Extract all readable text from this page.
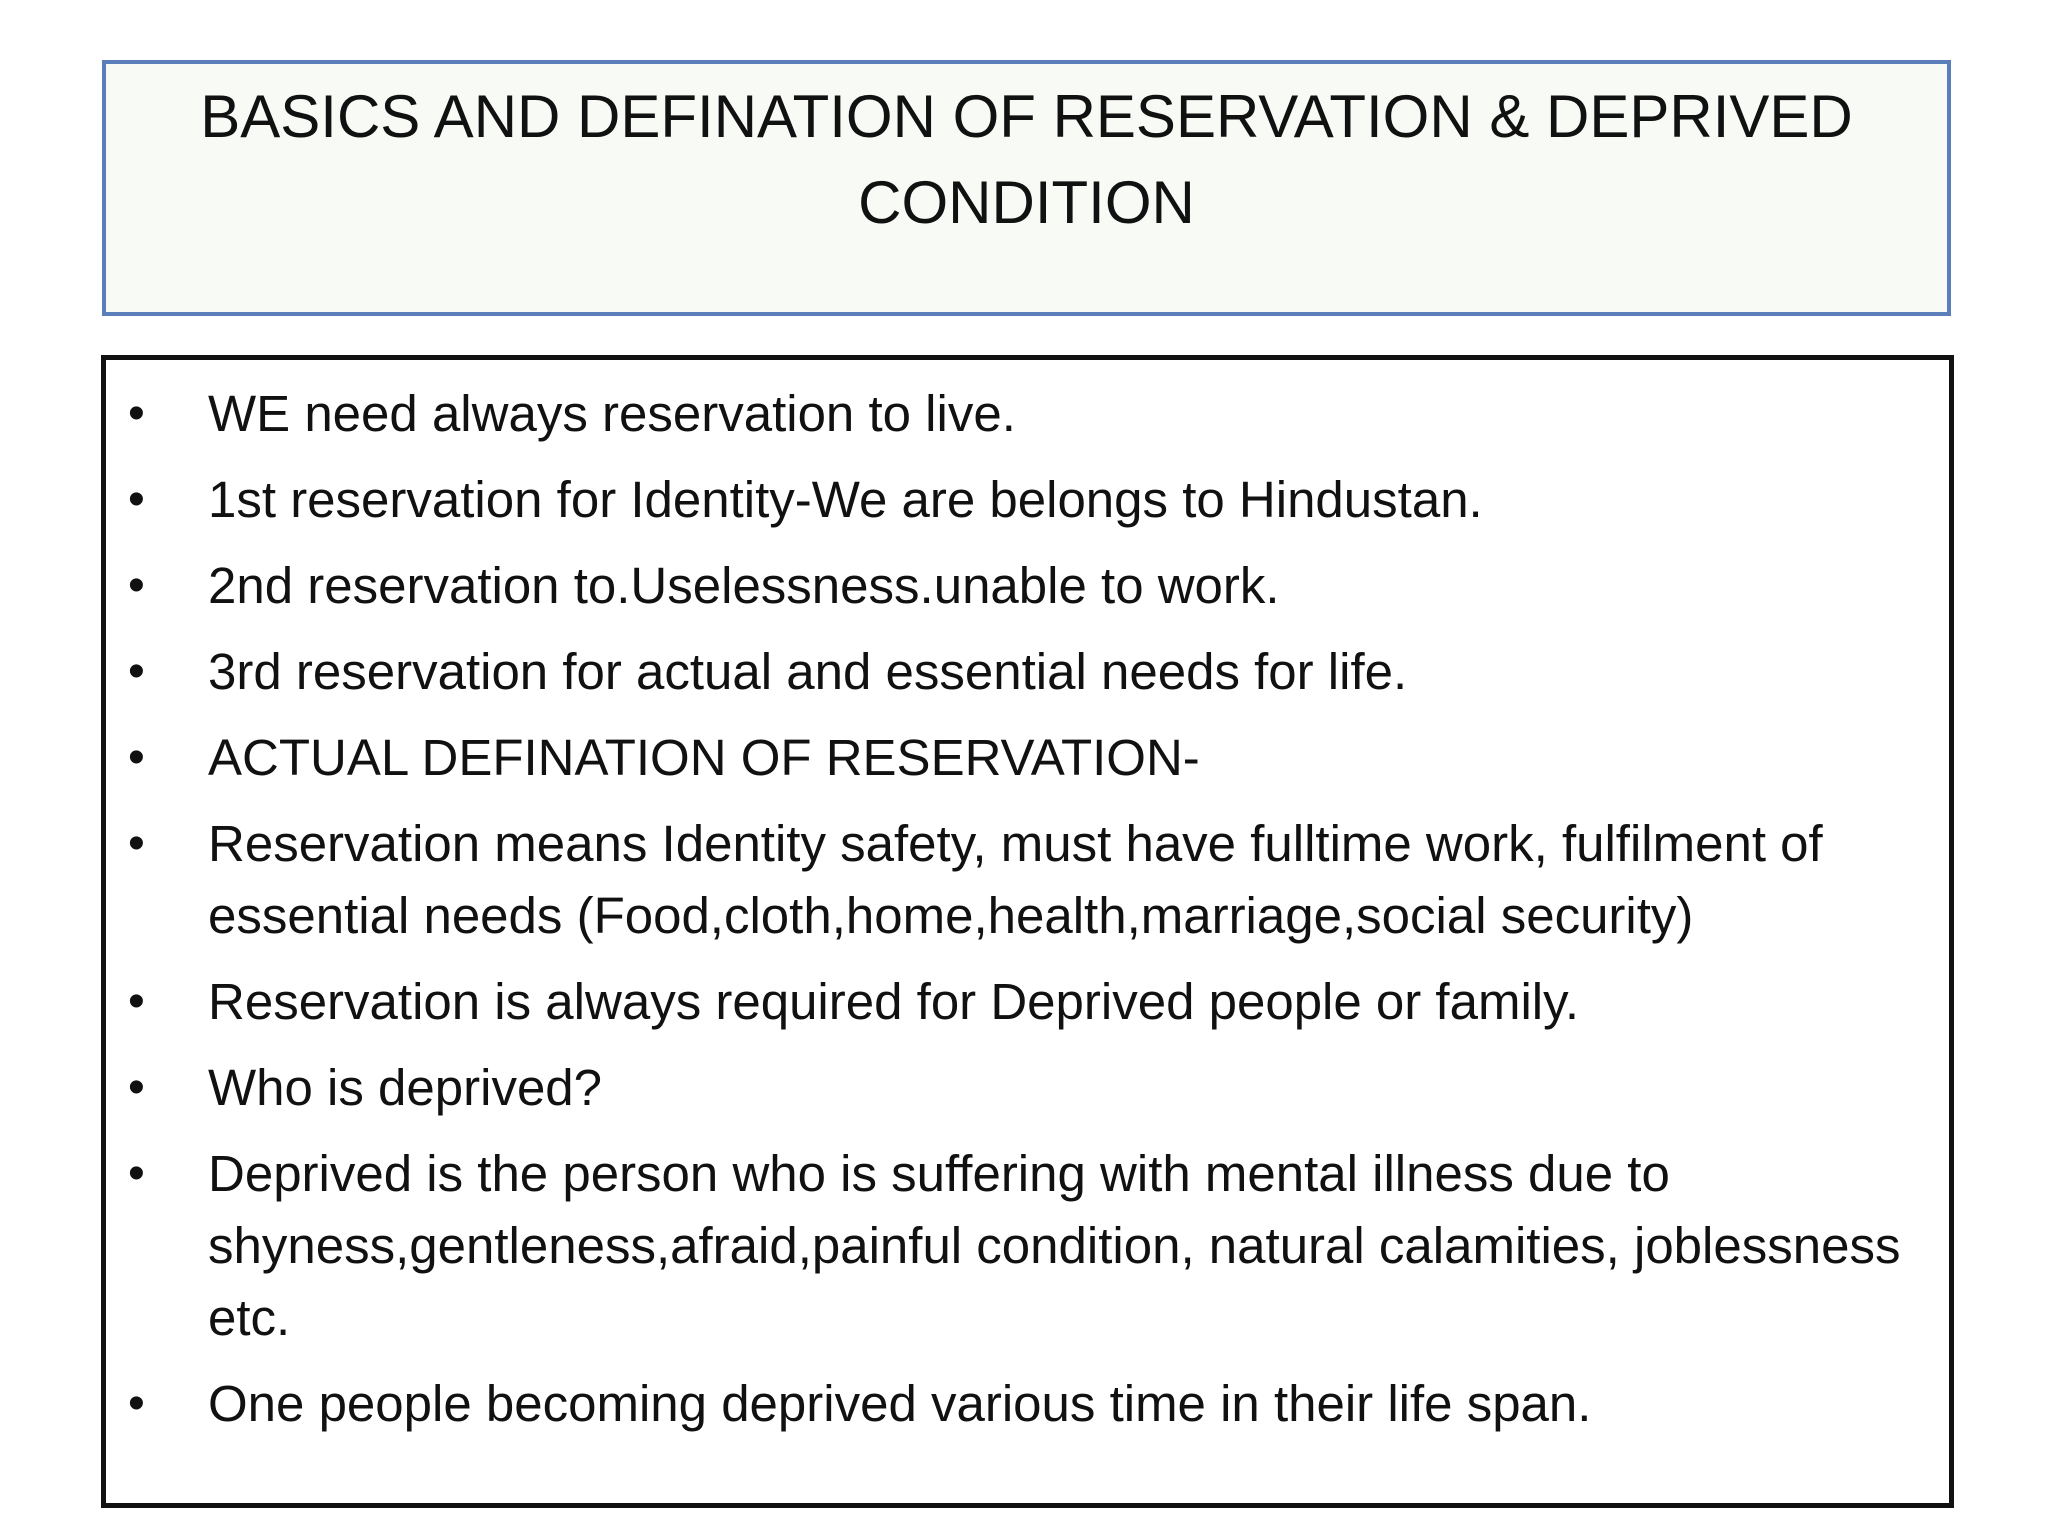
BASICS AND DEFINATION OF RESERVATION & DEPRIVED
CONDITION
•	WE need always reservation to live.
•	1st reservation for Identity-We are belongs to Hindustan.
•	2nd reservation to.Uselessness.unable to work.
•	3rd reservation for actual and essential needs for life.
•	ACTUAL DEFINATION OF RESERVATION-
•	Reservation means Identity safety, must have fulltime work, fulfilment of essential needs (Food,cloth,home,health,marriage,social security)
•	Reservation is always required for Deprived people or family.
•	Who is deprived?
•	Deprived is the person who is suffering with mental illness due to shyness,gentleness,afraid,painful condition, natural calamities, joblessness etc.
•	One people becoming deprived various time in their life span.
